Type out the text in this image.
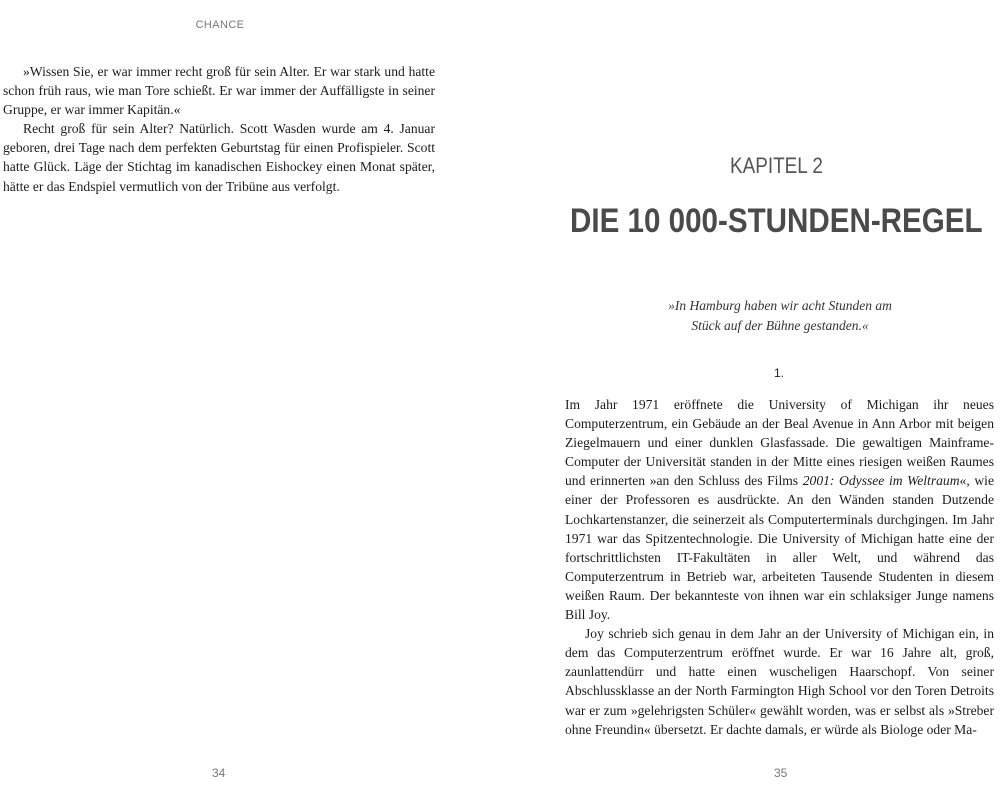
CHANCE

»Wissen Sie, er war immer recht groß für sein Alter. Er war stark und hatte schon früh raus, wie man Tore schießt. Er war immer der Auffälligste in seiner Gruppe, er war immer Kapitän.«

Recht groß für sein Alter? Natürlich. Scott Wasden wurde am 4. Januar geboren, drei Tage nach dem perfekten Geburtstag für einen Profispieler. Scott hatte Glück. Läge der Stichtag im kanadischen Eishockey einen Monat später, hätte er das Endspiel vermutlich von der Tribüne aus verfolgt.

34
KAPITEL 2
DIE 10 000-STUNDEN-REGEL
»In Hamburg haben wir acht Stunden am
Stück auf der Bühne gestanden.«
1.

Im Jahr 1971 eröffnete die University of Michigan ihr neues Computerzentrum, ein Gebäude an der Beal Avenue in Ann Arbor mit beigen Ziegelmauern und einer dunklen Glasfassade. Die gewaltigen Mainframe-Computer der Universität standen in der Mitte eines riesigen weißen Raumes und erinnerten »an den Schluss des Films 2001: Odyssee im Weltraum«, wie einer der Professoren es ausdrückte. An den Wänden standen Dutzende Lochkartenstanzer, die seinerzeit als Computerterminals durchgingen. Im Jahr 1971 war das Spitzentechnologie. Die University of Michigan hatte eine der fortschrittlichsten IT-Fakultäten in aller Welt, und während das Computerzentrum in Betrieb war, arbeiteten Tausende Studenten in diesem weißen Raum. Der bekannteste von ihnen war ein schlaksiger Junge namens Bill Joy.

Joy schrieb sich genau in dem Jahr an der University of Michigan ein, in dem das Computerzentrum eröffnet wurde. Er war 16 Jahre alt, groß, zaunlattendürr und hatte einen wuscheligen Haarschopf. Von seiner Abschlussklasse an der North Farmington High School vor den Toren Detroits war er zum »gelehrigsten Schüler« gewählt worden, was er selbst als »Streber ohne Freundin« übersetzt. Er dachte damals, er würde als Biologe oder Ma-

35
